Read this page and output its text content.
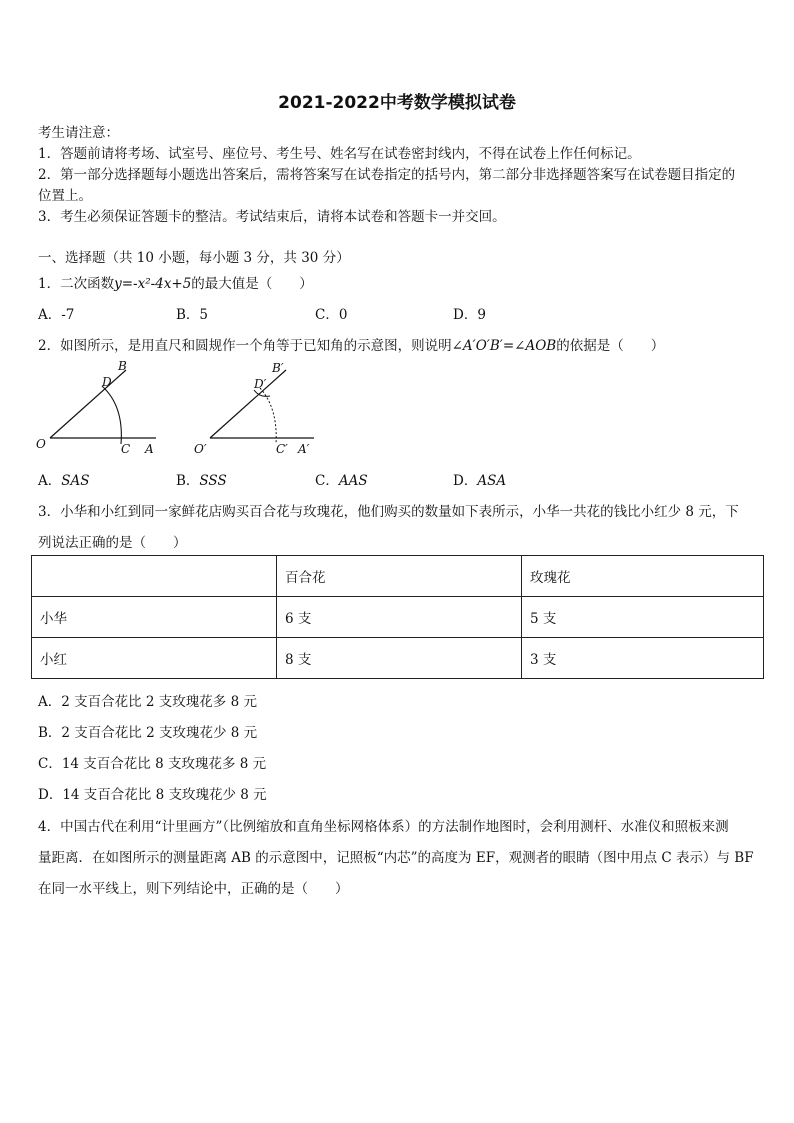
2021-2022中考数学模拟试卷
考生请注意：
1．答题前请将考场、试室号、座位号、考生号、姓名写在试卷密封线内，不得在试卷上作任何标记。
2．第一部分选择题每小题选出答案后，需将答案写在试卷指定的括号内，第二部分非选择题答案写在试卷题目指定的
位置上。
3．考生必须保证答题卡的整洁。考试结束后，请将本试卷和答题卡一并交回。
一、选择题（共 10 小题，每小题 3 分，共 30 分）
1．二次函数y=-x²-4x+5的最大值是（　　）
A．-7	B．5	C．0	D．9
2．如图所示，是用直尺和圆规作一个角等于已知角的示意图，则说明∠A′O′B′=∠AOB的依据是（　　）
O	C A
D
B
O′	C′ A′
D′
B′
A．SAS	B．SSS	C．AAS	D．ASA
3．小华和小红到同一家鲜花店购买百合花与玫瑰花，他们购买的数量如下表所示，小华一共花的钱比小红少 8 元，下
列说法正确的是（　　）
	百合花	玫瑰花
小华	6 支	5 支
小红	8 支	3 支
A．2 支百合花比 2 支玫瑰花多 8 元
B．2 支百合花比 2 支玫瑰花少 8 元
C．14 支百合花比 8 支玫瑰花多 8 元
D．14 支百合花比 8 支玫瑰花少 8 元
4．中国古代在利用“计里画方”（比例缩放和直角坐标网格体系）的方法制作地图时，会利用测杆、水准仪和照板来测
量距离．在如图所示的测量距离 AB 的示意图中，记照板“内芯”的高度为 EF，观测者的眼睛（图中用点 C 表示）与 BF
在同一水平线上，则下列结论中，正确的是（　　）
